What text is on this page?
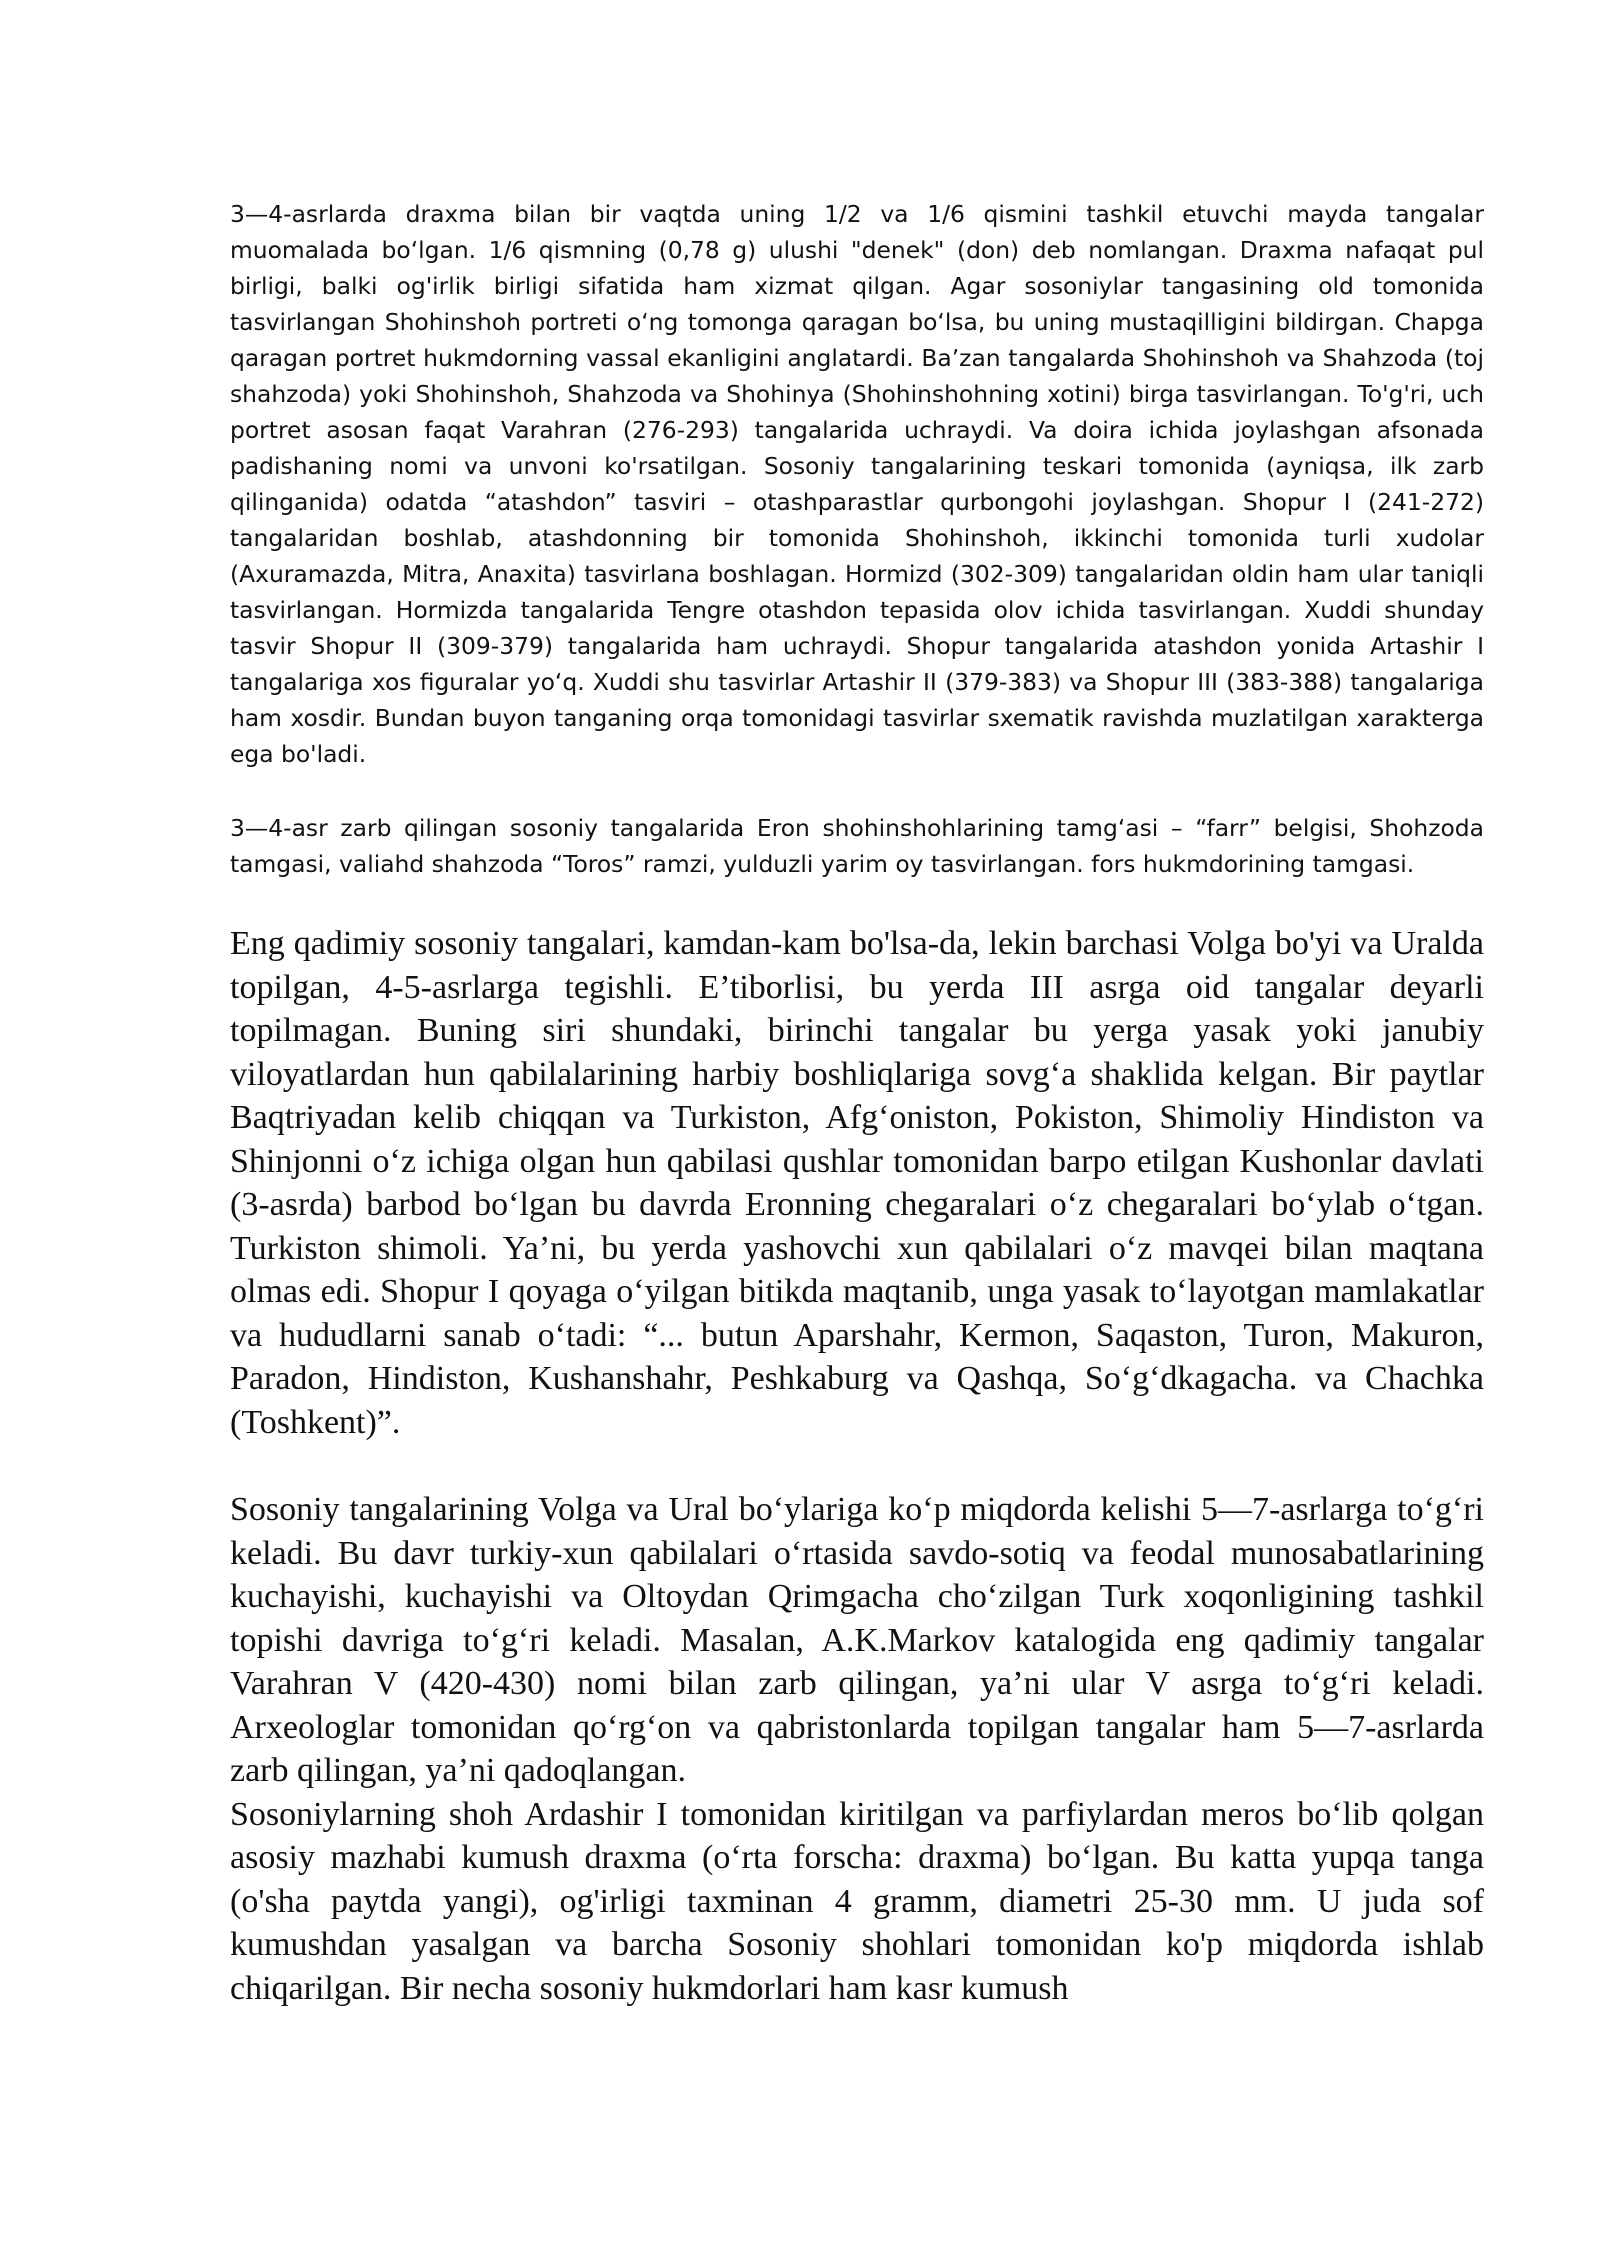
3—4-asrlarda draxma bilan bir vaqtda uning 1/2 va 1/6 qismini tashkil etuvchi mayda tangalar muomalada boʻlgan. 1/6 qismning (0,78 g) ulushi "denek" (don) deb nomlangan. Draxma nafaqat pul birligi, balki og'irlik birligi sifatida ham xizmat qilgan. Agar sosoniylar tangasining old tomonida tasvirlangan Shohinshoh portreti oʻng tomonga qaragan boʻlsa, bu uning mustaqilligini bildirgan. Chapga qaragan portret hukmdorning vassal ekanligini anglatardi. Baʼzan tangalarda Shohinshoh va Shahzoda (toj shahzoda) yoki Shohinshoh, Shahzoda va Shohinya (Shohinshohning xotini) birga tasvirlangan. To'g'ri, uch portret asosan faqat Varahran (276-293) tangalarida uchraydi. Va doira ichida joylashgan afsonada padishaning nomi va unvoni ko'rsatilgan. Sosoniy tangalarining teskari tomonida (ayniqsa, ilk zarb qilinganida) odatda “atashdon” tasviri – otashparastlar qurbongohi joylashgan. Shopur I (241-272) tangalaridan boshlab, atashdonning bir tomonida Shohinshoh, ikkinchi tomonida turli xudolar (Axuramazda, Mitra, Anaxita) tasvirlana boshlagan. Hormizd (302-309) tangalaridan oldin ham ular taniqli tasvirlangan. Hormizda tangalarida Tengre otashdon tepasida olov ichida tasvirlangan. Xuddi shunday tasvir Shopur II (309-379) tangalarida ham uchraydi. Shopur tangalarida atashdon yonida Artashir I tangalariga xos figuralar yoʻq. Xuddi shu tasvirlar Artashir II (379-383) va Shopur III (383-388) tangalariga ham xosdir. Bundan buyon tanganing orqa tomonidagi tasvirlar sxematik ravishda muzlatilgan xarakterga ega bo'ladi.

3—4-asr zarb qilingan sosoniy tangalarida Eron shohinshohlarining tamgʻasi – “farr” belgisi, Shohzoda tamgasi, valiahd shahzoda “Toros” ramzi, yulduzli yarim oy tasvirlangan. fors hukmdorining tamgasi.

Eng qadimiy sosoniy tangalari, kamdan-kam bo'lsa-da, lekin barchasi Volga bo'yi va Uralda topilgan, 4-5-asrlarga tegishli. E’tiborlisi, bu yerda III asrga oid tangalar deyarli topilmagan. Buning siri shundaki, birinchi tangalar bu yerga yasak yoki janubiy viloyatlardan hun qabilalarining harbiy boshliqlariga sovgʻa shaklida kelgan. Bir paytlar Baqtriyadan kelib chiqqan va Turkiston, Afgʻoniston, Pokiston, Shimoliy Hindiston va Shinjonni oʻz ichiga olgan hun qabilasi qushlar tomonidan barpo etilgan Kushonlar davlati (3-asrda) barbod boʻlgan bu davrda Eronning chegaralari oʻz chegaralari boʻylab oʻtgan. Turkiston shimoli. Ya’ni, bu yerda yashovchi xun qabilalari oʻz mavqei bilan maqtana olmas edi. Shopur I qoyaga oʻyilgan bitikda maqtanib, unga yasak toʻlayotgan mamlakatlar va hududlarni sanab oʻtadi: “... butun Aparshahr, Kermon, Saqaston, Turon, Makuron, Paradon, Hindiston, Kushanshahr, Peshkaburg va Qashqa, Soʻgʻdkagacha. va Chachka (Toshkent)”.

Sosoniy tangalarining Volga va Ural boʻylariga koʻp miqdorda kelishi 5—7-asrlarga toʻgʻri keladi. Bu davr turkiy-xun qabilalari oʻrtasida savdo-sotiq va feodal munosabatlarining kuchayishi, kuchayishi va Oltoydan Qrimgacha choʻzilgan Turk xoqonligining tashkil topishi davriga toʻgʻri keladi. Masalan, A.K.Markov katalogida eng qadimiy tangalar Varahran V (420-430) nomi bilan zarb qilingan, ya’ni ular V asrga toʻgʻri keladi. Arxeologlar tomonidan qoʻrgʻon va qabristonlarda topilgan tangalar ham 5—7-asrlarda zarb qilingan, ya’ni qadoqlangan.

Sosoniylarning shoh Ardashir I tomonidan kiritilgan va parfiylardan meros boʻlib qolgan asosiy mazhabi kumush draxma (oʻrta forscha: draxma) boʻlgan. Bu katta yupqa tanga (o'sha paytda yangi), og'irligi taxminan 4 gramm, diametri 25-30 mm. U juda sof kumushdan yasalgan va barcha Sosoniy shohlari tomonidan ko'p miqdorda ishlab chiqarilgan. Bir necha sosoniy hukmdorlari ham kasr kumush
